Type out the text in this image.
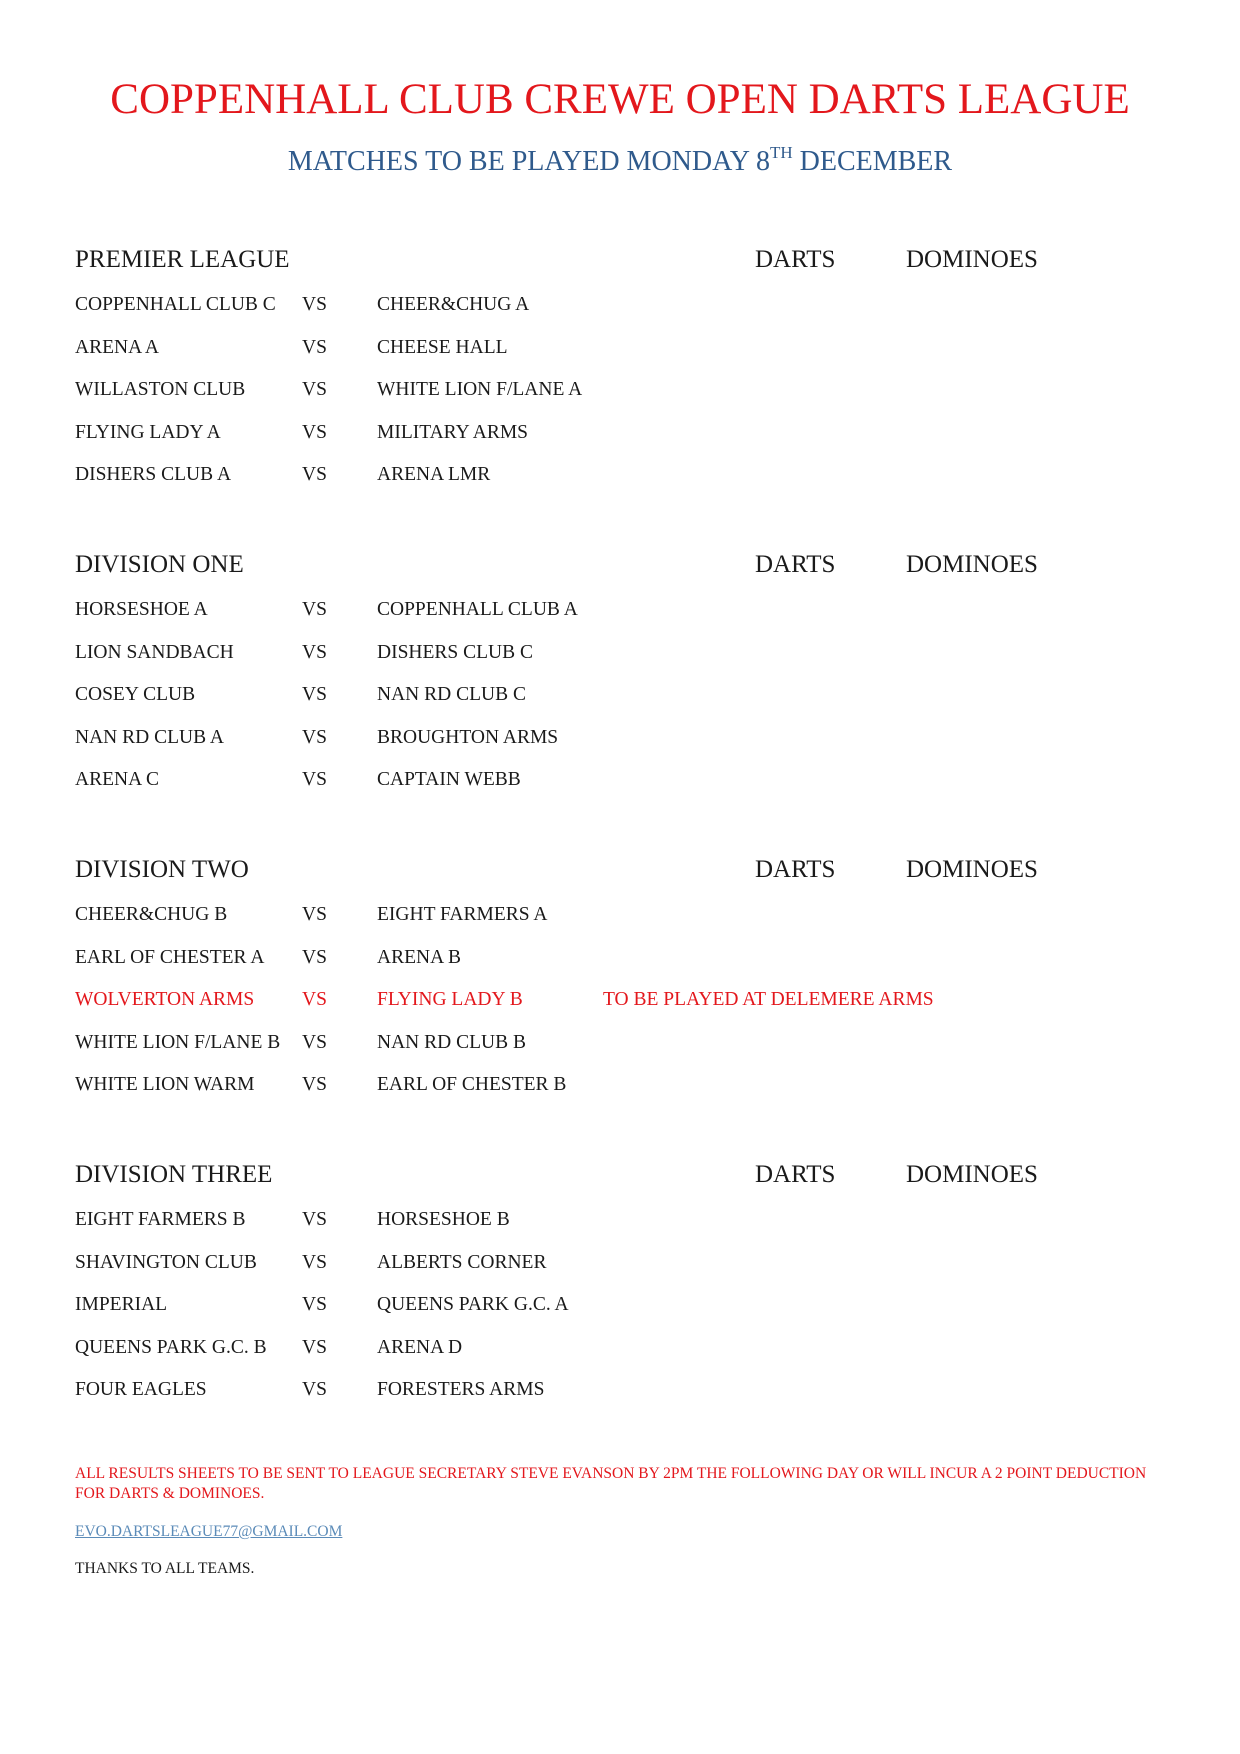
COPPENHALL CLUB CREWE OPEN DARTS LEAGUE
MATCHES TO BE PLAYED MONDAY 8TH DECEMBER
PREMIER LEAGUE	DARTS	DOMINOES
COPPENHALL CLUB C VS	CHEER&CHUG A
ARENA A	VS	CHEESE HALL
WILLASTON CLUB	VS	WHITE LION F/LANE A
FLYING LADY A	VS	MILITARY ARMS
DISHERS CLUB A	VS	ARENA LMR
DIVISION ONE	DARTS	DOMINOES
HORSESHOE A	VS	COPPENHALL CLUB A
LION SANDBACH	VS	DISHERS CLUB C
COSEY CLUB	VS	NAN RD CLUB C
NAN RD CLUB A	VS	BROUGHTON ARMS
ARENA C	VS	CAPTAIN WEBB
DIVISION TWO	DARTS	DOMINOES
CHEER&CHUG B	VS	EIGHT FARMERS A
EARL OF CHESTER A VS	ARENA B
WOLVERTON ARMS VS	FLYING LADY B	TO BE PLAYED AT DELEMERE ARMS
WHITE LION F/LANE B VS	NAN RD CLUB B
WHITE LION WARM VS	EARL OF CHESTER B
DIVISION THREE	DARTS	DOMINOES
EIGHT FARMERS B	VS	HORSESHOE B
SHAVINGTON CLUB VS	ALBERTS CORNER
IMPERIAL	VS	QUEENS PARK G.C. A
QUEENS PARK G.C. B VS	ARENA D
FOUR EAGLES	VS	FORESTERS ARMS
ALL RESULTS SHEETS TO BE SENT TO LEAGUE SECRETARY STEVE EVANSON BY 2PM THE FOLLOWING DAY OR WILL INCUR A 2 POINT DEDUCTION FOR DARTS & DOMINOES.
EVO.DARTSLEAGUE77@GMAIL.COM
THANKS TO ALL TEAMS.
